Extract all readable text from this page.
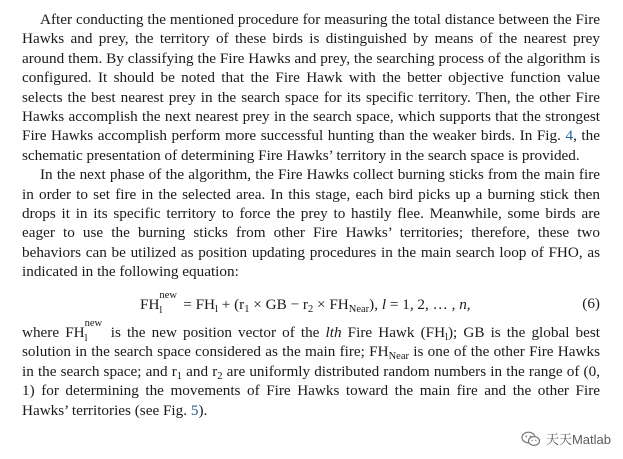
After conducting the mentioned procedure for measuring the total distance between the Fire Hawks and prey, the territory of these birds is distinguished by means of the nearest prey around them. By classifying the Fire Hawks and prey, the searching process of the algorithm is configured. It should be noted that the Fire Hawk with the better objective function value selects the best nearest prey in the search space for its specific territory. Then, the other Fire Hawks accomplish the next nearest prey in the search space, which supports that the strongest Fire Hawks accomplish perform more successful hunting than the weaker birds. In Fig. 4, the schematic presentation of determining Fire Hawks’ territory in the search space is provided.

In the next phase of the algorithm, the Fire Hawks collect burning sticks from the main fire in order to set fire in the selected area. In this stage, each bird picks up a burning stick then drops it in its specific territory to force the prey to hastily flee. Meanwhile, some birds are eager to use the burning sticks from other Fire Hawks’ territories; therefore, these two behaviors can be utilized as position updating procedures in the main search loop of FHO, as indicated in the following equation:

FH
new
$l = FH_l + (r_1$ × GB − $r_2 \times FH_{Near}$), l = 1, 2, … , n,	(6)

where FH
new
l is the new position vector of the lth Fire Hawk $(FH_l)$; GB is the global best solution in the search space considered as the main fire; $FH_{Near}$ is one of the other Fire Hawks in the search space; and $r_1$ and $r_2$ are uniformly distributed random numbers in the range of (0, 1) for determining the movements of Fire Hawks toward the main fire and the other Fire Hawks’ territories (see Fig. 5).

天天Matlab
